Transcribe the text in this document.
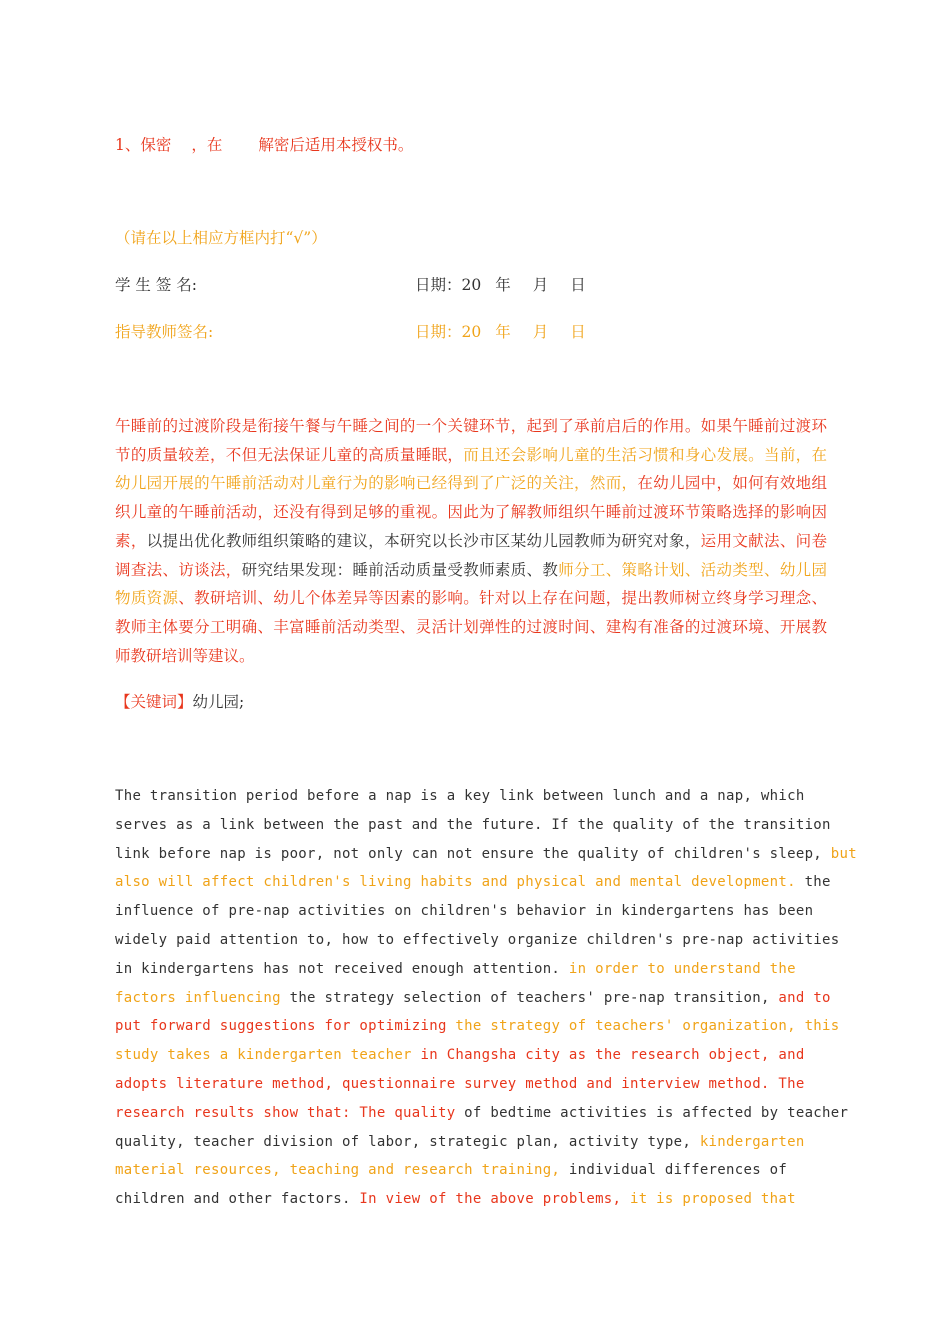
1、保密 ，在 解密后适用本授权书。
（请在以上相应方框内打“√”）
学 生 签 名:	日期：20 年 月 日
指导教师签名:	日期：20 年 月 日
午睡前的过渡阶段是衔接午餐与午睡之间的一个关键环节，起到了承前启后的作用。如果午睡前过渡环节的质量较差，不但无法保证儿童的高质量睡眠，而且还会影响儿童的生活习惯和身心发展。当前，在幼儿园开展的午睡前活动对儿童行为的影响已经得到了广泛的关注，然而，在幼儿园中，如何有效地组织儿童的午睡前活动，还没有得到足够的重视。因此为了解教师组织午睡前过渡环节策略选择的影响因素，以提出优化教师组织策略的建议，本研究以长沙市区某幼儿园教师为研究对象，运用文献法、问卷调查法、访谈法，研究结果发现：睡前活动质量受教师素质、教师分工、策略计划、活动类型、幼儿园物质资源、教研培训、幼儿个体差异等因素的影响。针对以上存在问题，提出教师树立终身学习理念、教师主体要分工明确、丰富睡前活动类型、灵活计划弹性的过渡时间、建构有准备的过渡环境、开展教师教研培训等建议。
【关键词】幼儿园;
The transition period before a nap is a key link between lunch and a nap, which
serves as a link between the past and the future. If the quality of the transition
link before nap is poor, not only can not ensure the quality of children's sleep, but
also will affect children's living habits and physical and mental development. the
influence of pre-nap activities on children's behavior in kindergartens has been
widely paid attention to, how to effectively organize children's pre-nap activities
in kindergartens has not received enough attention. in order to understand the
factors influencing the strategy selection of teachers' pre-nap transition, and to
put forward suggestions for optimizing the strategy of teachers' organization, this
study takes a kindergarten teacher in Changsha city as the research object, and
adopts literature method, questionnaire survey method and interview method. The
research results show that: The quality of bedtime activities is affected by teacher
quality, teacher division of labor, strategic plan, activity type, kindergarten
material resources, teaching and research training, individual differences of
children and other factors. In view of the above problems, it is proposed that
